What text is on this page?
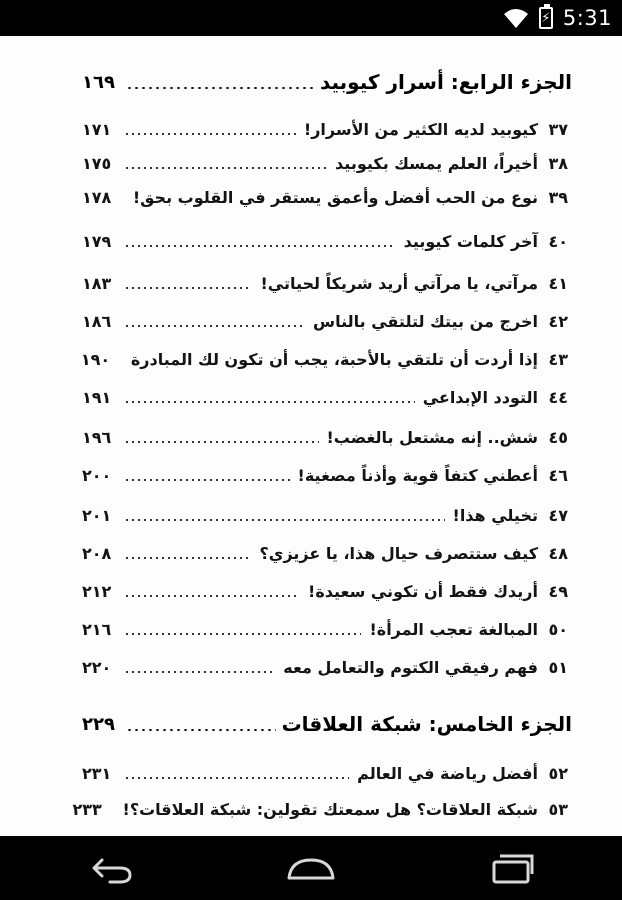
⚡ 5:31
الجزء الرابع: أسرار كيوبيد
١٦٩
٣٧
كيوبيد لديه الكثير من الأسرار!
١٧١
٣٨
أخيراً، العلم يمسك بكيوبيد
١٧٥
٣٩
نوع من الحب أفضل وأعمق يستقر في القلوب بحق!
١٧٨
٤٠
آخر كلمات كيوبيد
١٧٩
٤١
مرآتي، يا مرآتي أريد شريكاً لحياتي!
١٨٣
٤٢
اخرج من بيتك لتلتقي بالناس
١٨٦
٤٣
إذا أردت أن تلتقي بالأحبة، يجب أن تكون لك المبادرة
١٩٠
٤٤
التودد الإبداعي
١٩١
٤٥
شش.. إنه مشتعل بالغضب!
١٩٦
٤٦
أعطني كتفاً قوية وأذناً مصغية!
٢٠٠
٤٧
تخيلي هذا!
٢٠١
٤٨
كيف ستتصرف حيال هذا، يا عزيزي؟
٢٠٨
٤٩
أريدك فقط أن تكوني سعيدة!
٢١٢
٥٠
المبالغة تعجب المرأة!
٢١٦
٥١
فهم رفيقي الكتوم والتعامل معه
٢٢٠
الجزء الخامس: شبكة العلاقات
٢٢٩
٥٢
أفضل رياضة في العالم
٢٣١
٥٣
شبكة العلاقات؟ هل سمعتك تقولين: شبكة العلاقات؟!
٢٣٣
